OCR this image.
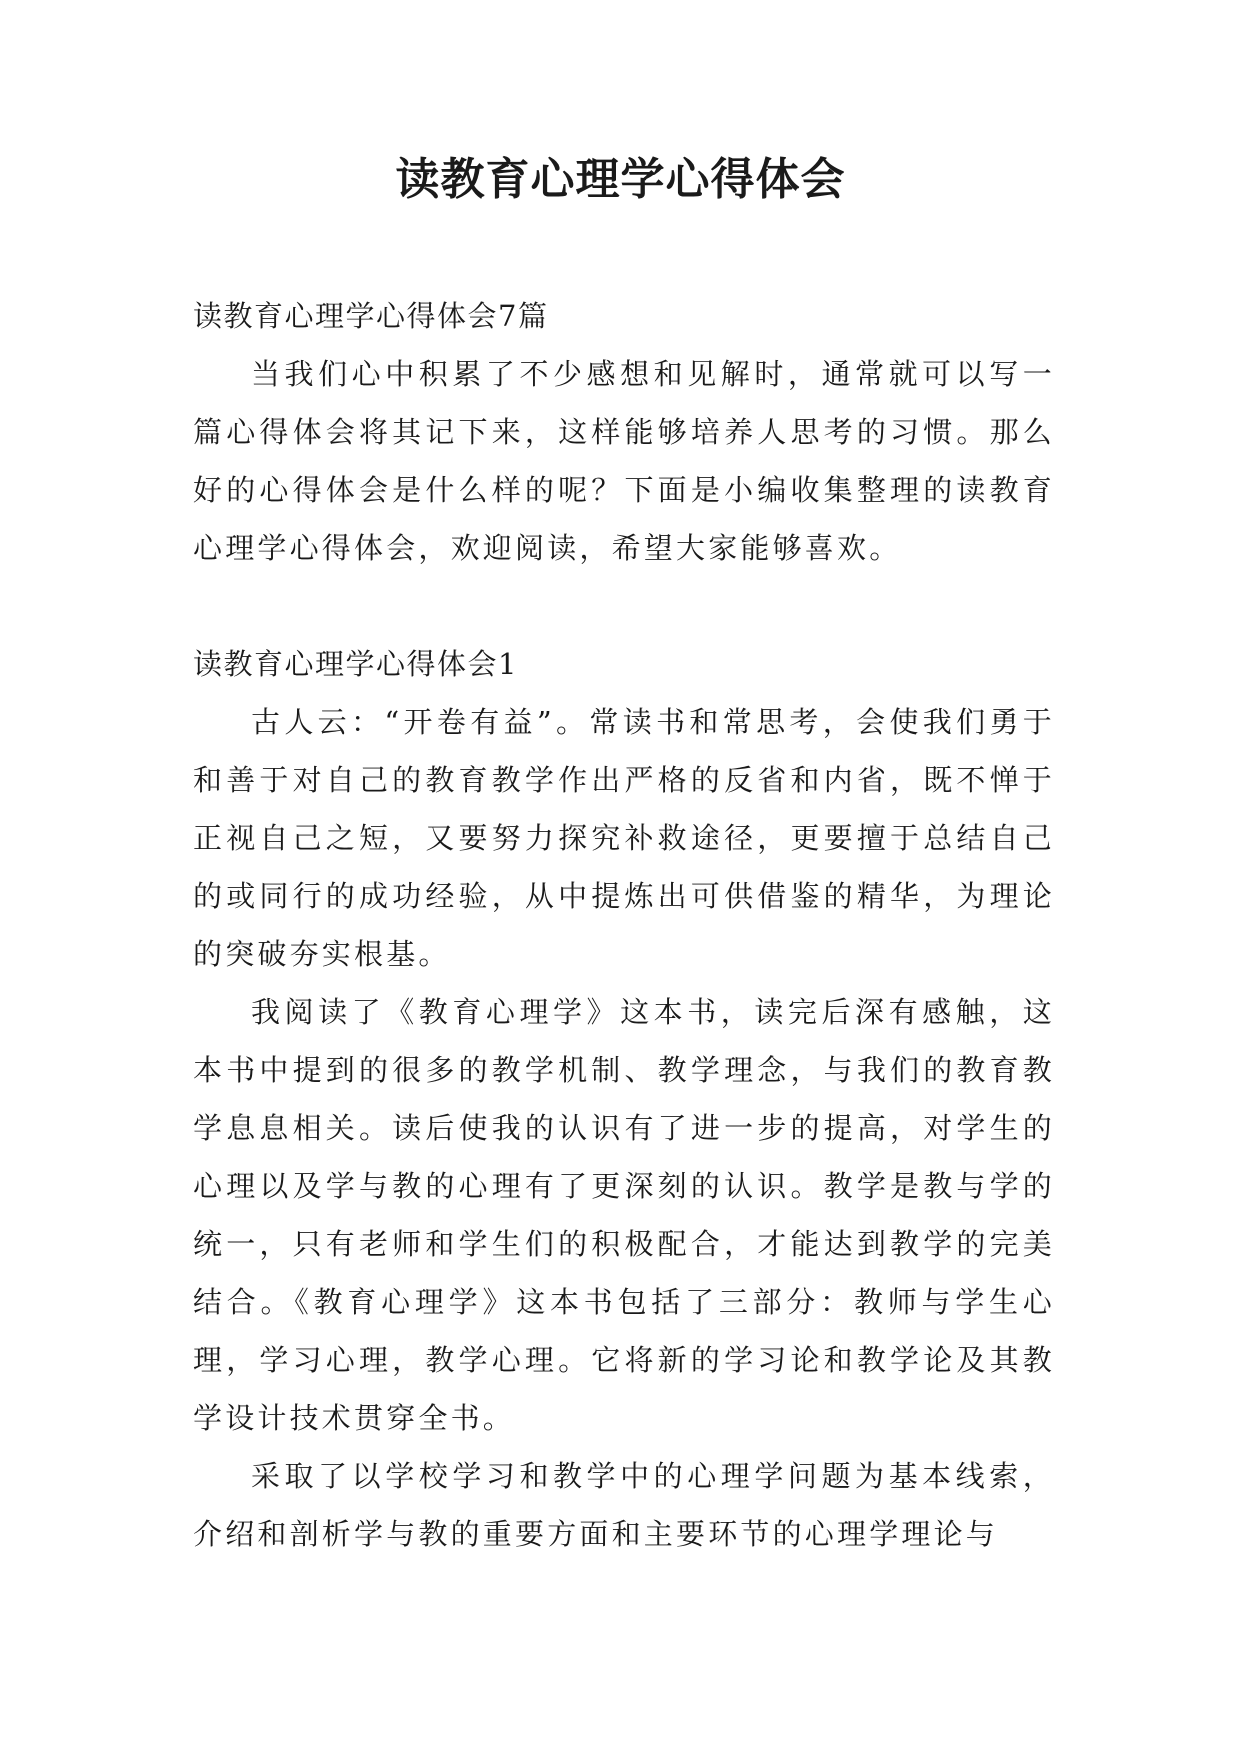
读教育心理学心得体会

读教育心理学心得体会7篇

当我们心中积累了不少感想和见解时，通常就可以写一篇心得体会将其记下来，这样能够培养人思考的习惯。那么好的心得体会是什么样的呢？下面是小编收集整理的读教育心理学心得体会，欢迎阅读，希望大家能够喜欢。

读教育心理学心得体会1

古人云：“开卷有益”。常读书和常思考，会使我们勇于和善于对自己的教育教学作出严格的反省和内省，既不惮于正视自己之短，又要努力探究补救途径，更要擅于总结自己的或同行的成功经验，从中提炼出可供借鉴的精华，为理论的突破夯实根基。

我阅读了《教育心理学》这本书，读完后深有感触，这本书中提到的很多的教学机制、教学理念，与我们的教育教学息息相关。读后使我的认识有了进一步的提高，对学生的心理以及学与教的心理有了更深刻的认识。教学是教与学的统一，只有老师和学生们的积极配合，才能达到教学的完美结合。《教育心理学》这本书包括了三部分：教师与学生心理，学习心理，教学心理。它将新的学习论和教学论及其教学设计技术贯穿全书。

采取了以学校学习和教学中的心理学问题为基本线索，介绍和剖析学与教的重要方面和主要环节的心理学理论与
